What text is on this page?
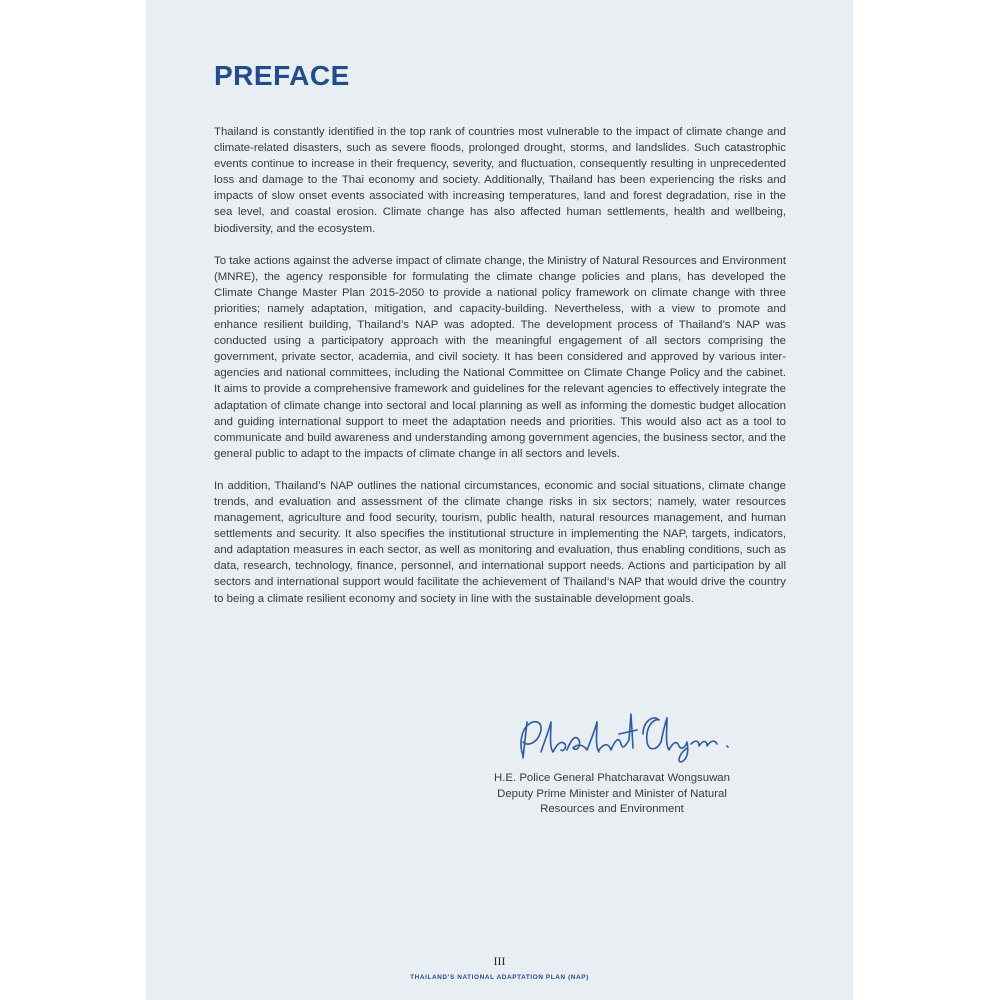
PREFACE

Thailand is constantly identified in the top rank of countries most vulnerable to the impact of climate change and climate-related disasters, such as severe floods, prolonged drought, storms, and landslides. Such catastrophic events continue to increase in their frequency, severity, and fluctuation, consequently resulting in unprecedented loss and damage to the Thai economy and society. Additionally, Thailand has been experiencing the risks and impacts of slow onset events associated with increasing temperatures, land and forest degradation, rise in the sea level, and coastal erosion. Climate change has also affected human settlements, health and wellbeing, biodiversity, and the ecosystem.

To take actions against the adverse impact of climate change, the Ministry of Natural Resources and Environment (MNRE), the agency responsible for formulating the climate change policies and plans, has developed the Climate Change Master Plan 2015-2050 to provide a national policy framework on climate change with three priorities; namely adaptation, mitigation, and capacity-building. Nevertheless, with a view to promote and enhance resilient building, Thailand’s NAP was adopted. The development process of Thailand’s NAP was conducted using a participatory approach with the meaningful engagement of all sectors comprising the government, private sector, academia, and civil society. It has been considered and approved by various inter-agencies and national committees, including the National Committee on Climate Change Policy and the cabinet. It aims to provide a comprehensive framework and guidelines for the relevant agencies to effectively integrate the adaptation of climate change into sectoral and local planning as well as informing the domestic budget allocation and guiding international support to meet the adaptation needs and priorities. This would also act as a tool to communicate and build awareness and understanding among government agencies, the business sector, and the general public to adapt to the impacts of climate change in all sectors and levels.

In addition, Thailand’s NAP outlines the national circumstances, economic and social situations, climate change trends, and evaluation and assessment of the climate change risks in six sectors; namely, water resources management, agriculture and food security, tourism, public health, natural resources management, and human settlements and security. It also specifies the institutional structure in implementing the NAP, targets, indicators, and adaptation measures in each sector, as well as monitoring and evaluation, thus enabling conditions, such as data, research, technology, finance, personnel, and international support needs. Actions and participation by all sectors and international support would facilitate the achievement of Thailand’s NAP that would drive the country to being a climate resilient economy and society in line with the sustainable development goals.

H.E. Police General Phatcharavat Wongsuwan
Deputy Prime Minister and Minister of Natural
Resources and Environment
III
THAILAND’S NATIONAL ADAPTATION PLAN (NAP)
